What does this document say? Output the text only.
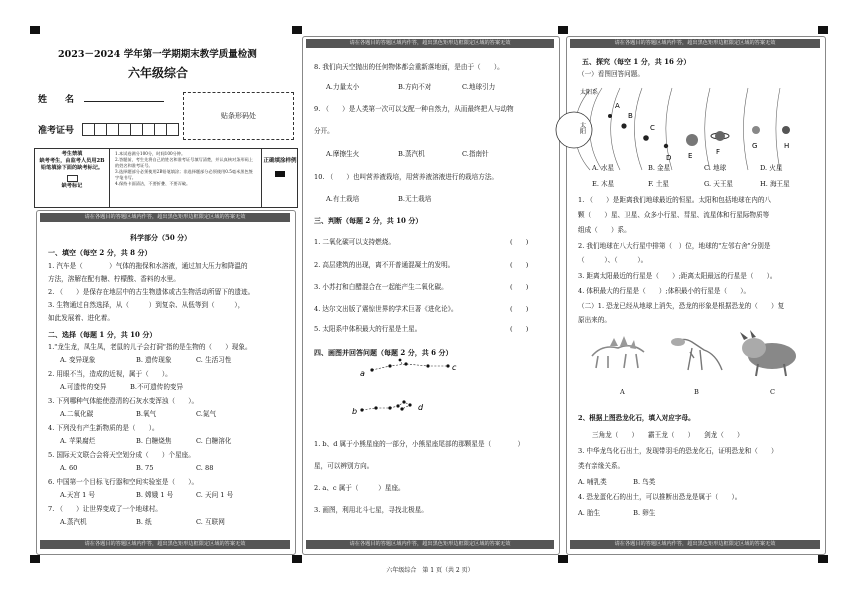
2023－2024 学年第一学期期末教学质量检测
六年级综合
姓　　名
准考证号
贴条形码处
考生禁填
缺考考生，由监考人员用2B铅笔填涂下面的缺考标记。
缺考标记
1.本试卷满分100分，时间100分钟。
2.答题前，考生先将自己的姓名和准考证号填写清楚，并认真核对条形码上的姓名和准考证号。
3.选择题部分必须使用2B铅笔填涂；非选择题部分必须使用0.5毫米黑色签字笔书写。
4.保持卡面清洁，不要折叠、不要弄破。
正确填涂样例
请在各题目的答题区域内作答，超出黑色矩形边框限定区域的答案无效
请在各题目的答题区域内作答，超出黑色矩形边框限定区域的答案无效
科学部分（50 分）
一、填空（每空 2 分，共 8 分）
1. 汽车是（　　　　）气体的拖保和水溶液，通过加大压力和降温的
方法，溶解在配有糖、柠檬酸、香料的水里。
2. （　　）是保存在地层中的古生物遗体或古生物活动所留下的遗迹。
3. 生物通过自然选择，从（　　　）到复杂、从低等到（　　　），
如此发展着、进化着。
二、选择（每题 1 分，共 10 分）
1."龙生龙，凤生凤，老鼠的儿子会打洞"指的是生物的（　　）现象。
A. 变异现象	B. 遗传现象	C. 生活习性
2. 用眼不当，造成的近视，属于（　　）。
A.可遗传的变异	B.不可遗传的变异
3. 下列哪种气体能使澄清的石灰水变浑浊（　　）。
A.二氧化碳	B.氧气	C.氮气
4. 下列没有产生新物质的是（　　）。
A. 苹果腐烂	B. 白糖烧焦	C. 白糖溶化
5. 国际天文联合会将天空划分成（　　）个星座。
A. 60	B. 75	C. 88
6. 中国第一个目标飞行器和空间实验室是（　　）。
A.天宫 1 号	B. 嫦娥 1 号	C. 天问 1 号
7. （　　）让世界变成了一个地球村。
A.蒸汽机	B. 纸	C. 互联网
请在各题目的答题区域内作答，超出黑色矩形边框限定区域的答案无效
请在各题目的答题区域内作答，超出黑色矩形边框限定区域的答案无效
8. 我们向天空抛出的任何物体都会重新落地面，是由于（　　）。
A.力量太小	B.方向不对	C.地球引力
9. （　　）是人类第一次可以支配一种自然力，从而最终把人与动物
分开。
A.摩擦生火	B.蒸汽机	C.指南针
10. （　　）也叫营养液栽培，用营养液溶液进行的栽培方法。
A.有土栽培	B.无土栽培
三、判断（每题 2 分，共 10 分）
1. 二氧化碳可以支持燃烧。	(　　)
2. 高层建筑的出现，离不开普通混凝土的发明。	(　　)
3. 小苏打和白醋混合在一起能产生二氧化碳。	(　　)
4. 达尔文出版了震惊世界的学术巨著《进化论》。	(　　)
5. 太阳系中体积最大的行星是土星。	(　　)
四、画图并回答问题（每题 2 分，共 6 分）
a
c
b	d
1. b、d 属于小熊星座的一部分，小熊星座尾部的那颗星是（　　　　）
星，可以辨别方向。
2. a、c 属于（　　　）星座。
3. 画图，利用北斗七星，寻找北极星。
请在各题目的答题区域内作答，超出黑色矩形边框限定区域的答案无效
请在各题目的答题区域内作答，超出黑色矩形边框限定区域的答案无效
五、探究（每空 1 分，共 16 分）
（一）看图回答问题。
太阳系
太阳
A
B
C
D E	F
G	H
A. 水星	B. 金星	C. 地球	D. 火星
E. 木星	F. 土星	G. 天王星	H. 海王星
1. （　　）是距离我们地球最近的恒星。太阳和包括地球在内的八
颗（　　）星、卫星、众多小行星、彗星、流星体和行星际物质等
组成（　　）系。
2. 我们地球在八大行星中排第（　）位，地球的"左邻右舍"分别是
（　　　）、（　　　）。
3. 距离太阳最近的行星是（　　）;距离太阳最远的行星是（　　）。
4. 体积最大的行星是（　　）;体积最小的行星是（　　）。
（二）1. 恐龙已经从地球上消失，恐龙的形象是根据恐龙的（　　）复
原出来的。
A	B	C
2、根据上图恐龙化石，填入对应字母。
三角龙（　　）　　霸王龙（　　）　　剑龙（　　）
3. 中华龙鸟化石出土，发现带羽毛的恐龙化石，证明恐龙和（　　）
类有亲缘关系。
A. 哺乳类　　　　B. 鸟类
4. 恐龙蛋化石的出土，可以推断出恐龙是属于（　　）。
A. 胎生　　　　　B. 卵生
六年级综合　第 1 页（共 2 页）
